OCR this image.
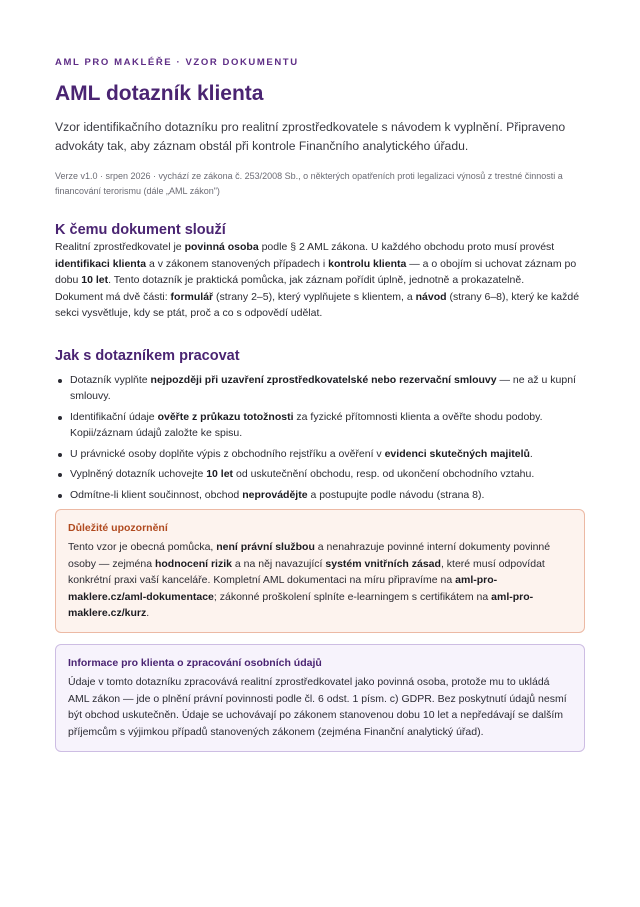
AML PRO MAKLÉŘE · VZOR DOKUMENTU

AML dotazník klienta

Vzor identifikačního dotazníku pro realitní zprostředkovatele s návodem k vyplnění. Připraveno advokáty tak, aby záznam obstál při kontrole Finančního analytického úřadu.

Verze v1.0 · srpen 2026 · vychází ze zákona č. 253/2008 Sb., o některých opatřeních proti legalizaci výnosů z trestné činnosti a financování terorismu (dále „AML zákon")

K čemu dokument slouží

Realitní zprostředkovatel je povinná osoba podle § 2 AML zákona. U každého obchodu proto musí provést identifikaci klienta a v zákonem stanovených případech i kontrolu klienta — a o obojím si uchovat záznam po dobu 10 let. Tento dotazník je praktická pomůcka, jak záznam pořídit úplně, jednotně a prokazatelně.

Dokument má dvě části: formulář (strany 2–5), který vyplňujete s klientem, a návod (strany 6–8), který ke každé sekci vysvětluje, kdy se ptát, proč a co s odpovědí udělat.

Jak s dotazníkem pracovat
Dotazník vyplňte nejpozději při uzavření zprostředkovatelské nebo rezervační smlouvy — ne až u kupní smlouvy.
Identifikační údaje ověřte z průkazu totožnosti za fyzické přítomnosti klienta a ověřte shodu podoby. Kopii/záznam údajů založte ke spisu.
U právnické osoby doplňte výpis z obchodního rejstříku a ověření v evidenci skutečných majitelů.
Vyplněný dotazník uchovejte 10 let od uskutečnění obchodu, resp. od ukončení obchodního vztahu.
Odmítne-li klient součinnost, obchod neprovádějte a postupujte podle návodu (strana 8).
Důležité upozornění

Tento vzor je obecná pomůcka, není právní službou a nenahrazuje povinné interní dokumenty povinné osoby — zejména hodnocení rizik a na něj navazující systém vnitřních zásad, které musí odpovídat konkrétní praxi vaší kanceláře. Kompletní AML dokumentaci na míru připravíme na aml-pro-maklere.cz/aml-dokumentace; zákonné proškolení splníte e-learningem s certifikátem na aml-pro-maklere.cz/kurz.

Informace pro klienta o zpracování osobních údajů

Údaje v tomto dotazníku zpracovává realitní zprostředkovatel jako povinná osoba, protože mu to ukládá AML zákon — jde o plnění právní povinnosti podle čl. 6 odst. 1 písm. c) GDPR. Bez poskytnutí údajů nesmí být obchod uskutečněn. Údaje se uchovávají po zákonem stanovenou dobu 10 let a nepředávají se dalším příjemcům s výjimkou případů stanovených zákonem (zejména Finanční analytický úřad).
